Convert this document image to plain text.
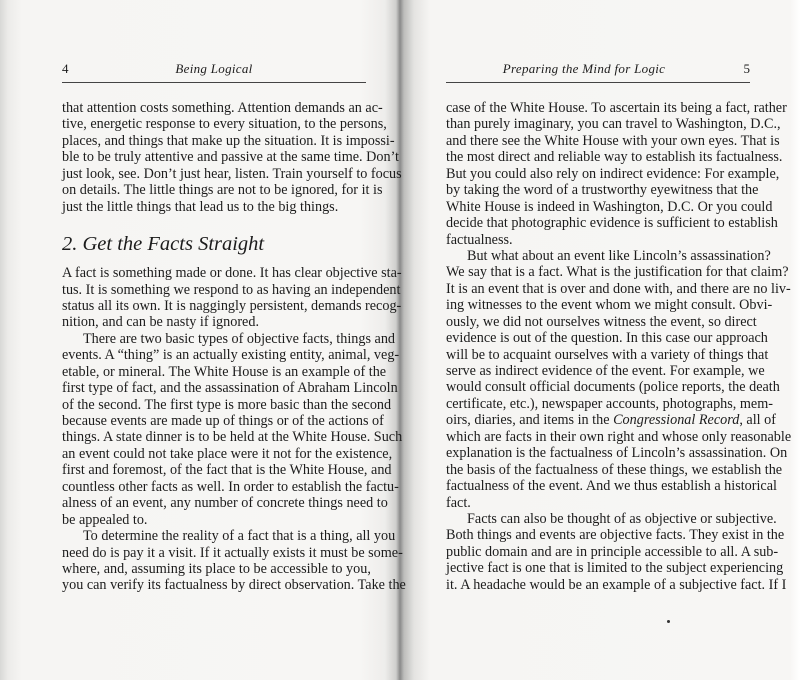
4	Being Logical
that attention costs something. Attention demands an ac-
tive, energetic response to every situation, to the persons,
places, and things that make up the situation. It is impossi-
ble to be truly attentive and passive at the same time. Don’t
just look, see. Don’t just hear, listen. Train yourself to focus
on details. The little things are not to be ignored, for it is
just the little things that lead us to the big things.
2. Get the Facts Straight
A fact is something made or done. It has clear objective sta-
tus. It is something we respond to as having an independent
status all its own. It is naggingly persistent, demands recog-
nition, and can be nasty if ignored.
There are two basic types of objective facts, things and
events. A “thing” is an actually existing entity, animal, veg-
etable, or mineral. The White House is an example of the
first type of fact, and the assassination of Abraham Lincoln
of the second. The first type is more basic than the second
because events are made up of things or of the actions of
things. A state dinner is to be held at the White House. Such
an event could not take place were it not for the existence,
first and foremost, of the fact that is the White House, and
countless other facts as well. In order to establish the factu-
alness of an event, any number of concrete things need to
be appealed to.
To determine the reality of a fact that is a thing, all you
need do is pay it a visit. If it actually exists it must be some-
where, and, assuming its place to be accessible to you,
you can verify its factualness by direct observation. Take the
Preparing the Mind for Logic	5
case of the White House. To ascertain its being a fact, rather
than purely imaginary, you can travel to Washington, D.C.,
and there see the White House with your own eyes. That is
the most direct and reliable way to establish its factualness.
But you could also rely on indirect evidence: For example,
by taking the word of a trustworthy eyewitness that the
White House is indeed in Washington, D.C. Or you could
decide that photographic evidence is sufficient to establish
factualness.
But what about an event like Lincoln’s assassination?
We say that is a fact. What is the justification for that claim?
It is an event that is over and done with, and there are no liv-
ing witnesses to the event whom we might consult. Obvi-
ously, we did not ourselves witness the event, so direct
evidence is out of the question. In this case our approach
will be to acquaint ourselves with a variety of things that
serve as indirect evidence of the event. For example, we
would consult official documents (police reports, the death
certificate, etc.), newspaper accounts, photographs, mem-
oirs, diaries, and items in the Congressional Record, all of
which are facts in their own right and whose only reasonable
explanation is the factualness of Lincoln’s assassination. On
the basis of the factualness of these things, we establish the
factualness of the event. And we thus establish a historical
fact.
Facts can also be thought of as objective or subjective.
Both things and events are objective facts. They exist in the
public domain and are in principle accessible to all. A sub-
jective fact is one that is limited to the subject experiencing
it. A headache would be an example of a subjective fact. If I
